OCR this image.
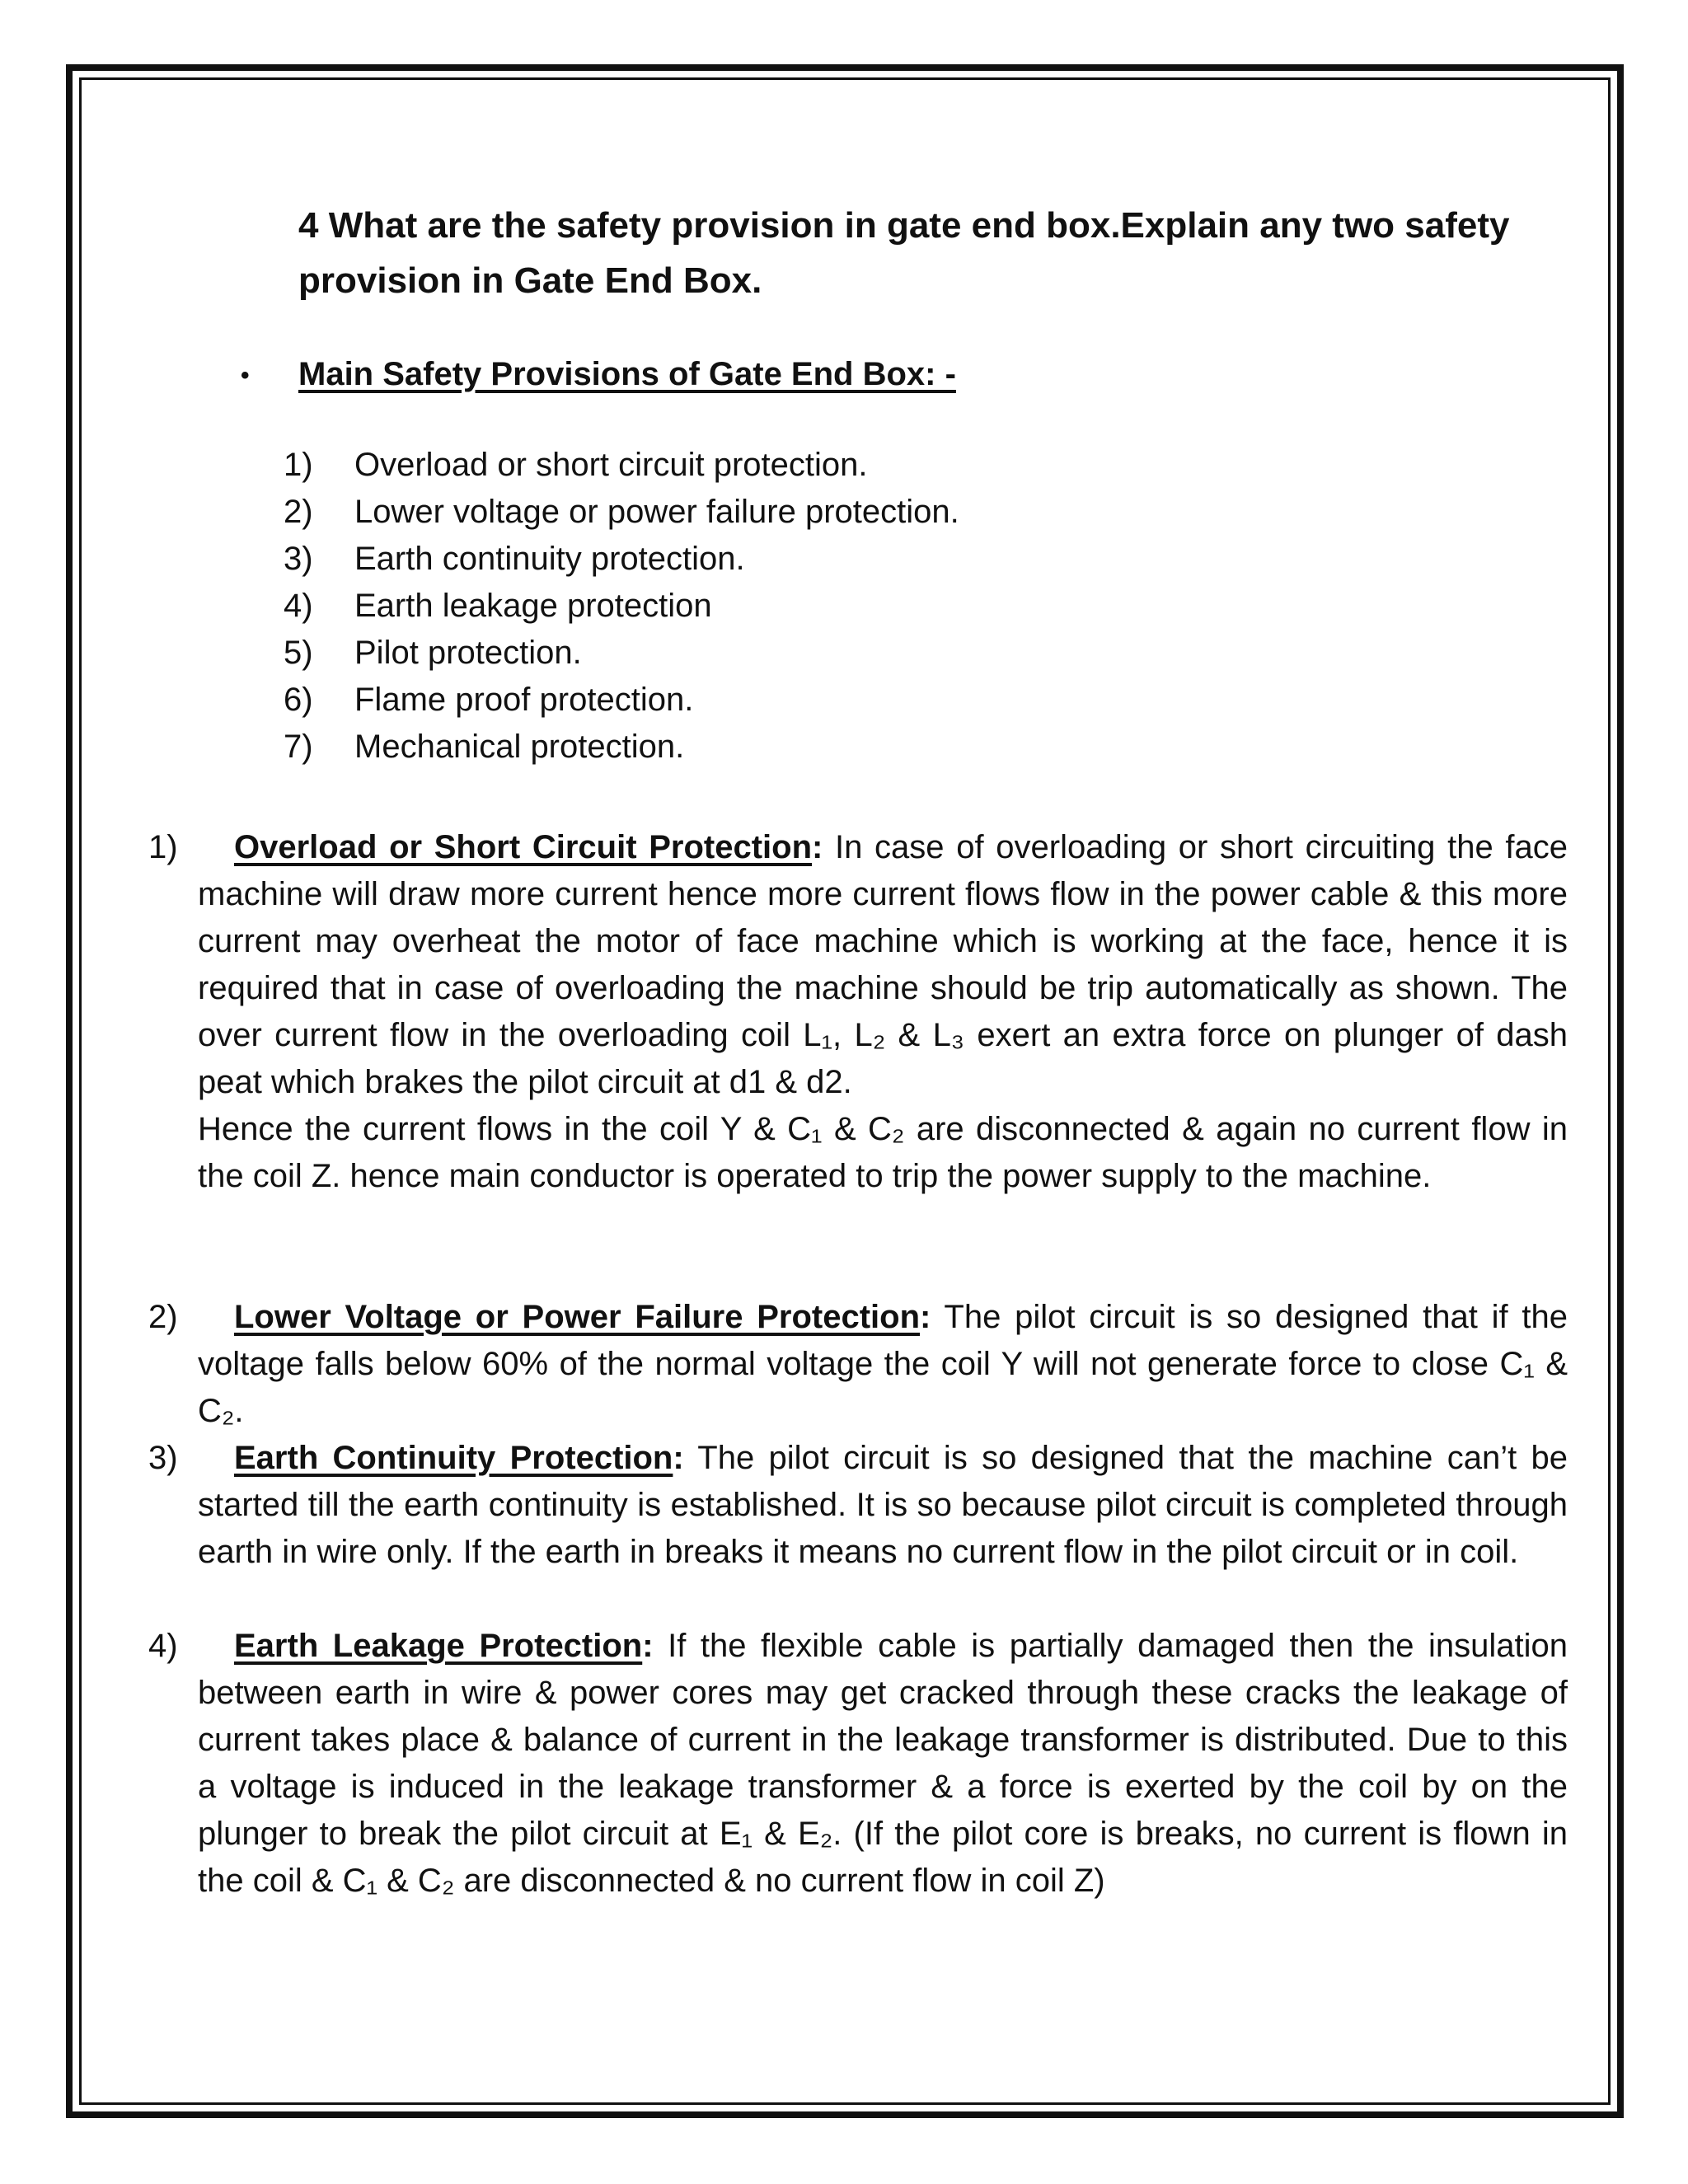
4 What are the safety provision in gate end box.Explain any two safety provision in Gate End Box.
• Main Safety Provisions of Gate End Box: -
1)	Overload or short circuit protection.
2)	Lower voltage or power failure protection.
3)	Earth continuity protection.
4)	Earth leakage protection
5)	Pilot protection.
6)	Flame proof protection.
7)	Mechanical protection.
1)	Overload or Short Circuit Protection: In case of overloading or short circuiting the face machine will draw more current hence more current flows flow in the power cable & this more current may overheat the motor of face machine which is working at the face, hence it is required that in case of overloading the machine should be trip automatically as shown. The over current flow in the overloading coil L₁, L₂ & L₃ exert an extra force on plunger of dash peat which brakes the pilot circuit at d1 & d2.

Hence the current flows in the coil Y & C₁ & C₂ are disconnected & again no current flow in the coil Z. hence main conductor is operated to trip the power supply to the machine.

2)	Lower Voltage or Power Failure Protection: The pilot circuit is so designed that if the voltage falls below 60% of the normal voltage the coil Y will not generate force to close C₁ & C₂.

3)	Earth Continuity Protection: The pilot circuit is so designed that the machine can’t be started till the earth continuity is established. It is so because pilot circuit is completed through earth in wire only. If the earth in breaks it means no current flow in the pilot circuit or in coil.

4)	Earth Leakage Protection: If the flexible cable is partially damaged then the insulation between earth in wire & power cores may get cracked through these cracks the leakage of current takes place & balance of current in the leakage transformer is distributed. Due to this a voltage is induced in the leakage transformer & a force is exerted by the coil by on the plunger to break the pilot circuit at E₁ & E₂. (If the pilot core is breaks, no current is flown in the coil & C₁ & C₂ are disconnected & no current flow in coil Z)
